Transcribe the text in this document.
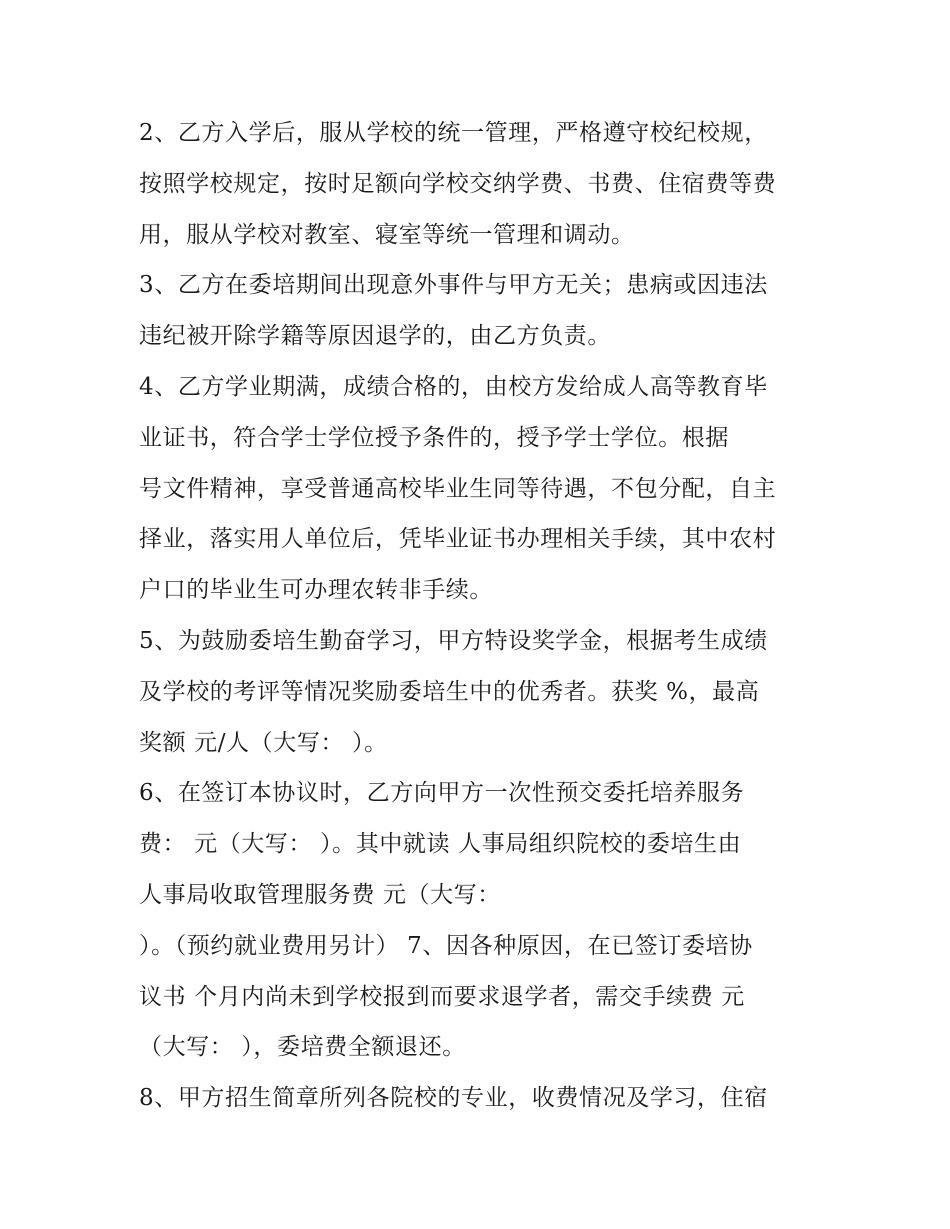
2、乙方入学后，服从学校的统一管理，严格遵守校纪校规，
按照学校规定，按时足额向学校交纳学费、书费、住宿费等费
用，服从学校对教室、寝室等统一管理和调动。
3、乙方在委培期间出现意外事件与甲方无关；患病或因违法
违纪被开除学籍等原因退学的，由乙方负责。
4、乙方学业期满，成绩合格的，由校方发给成人高等教育毕
业证书，符合学士学位授予条件的，授予学士学位。根据
号文件精神，享受普通高校毕业生同等待遇，不包分配，自主
择业，落实用人单位后，凭毕业证书办理相关手续，其中农村
户口的毕业生可办理农转非手续。
5、为鼓励委培生勤奋学习，甲方特设奖学金，根据考生成绩
及学校的考评等情况奖励委培生中的优秀者。获奖 %，最高
奖额 元/人（大写： ）。
6、在签订本协议时，乙方向甲方一次性预交委托培养服务
费： 元（大写： ）。其中就读 人事局组织院校的委培生由
人事局收取管理服务费 元（大写：
）。（预约就业费用另计） 7、因各种原因，在已签订委培协
议书 个月内尚未到学校报到而要求退学者，需交手续费 元
（大写： ），委培费全额退还。
8、甲方招生简章所列各院校的专业，收费情况及学习，住宿
